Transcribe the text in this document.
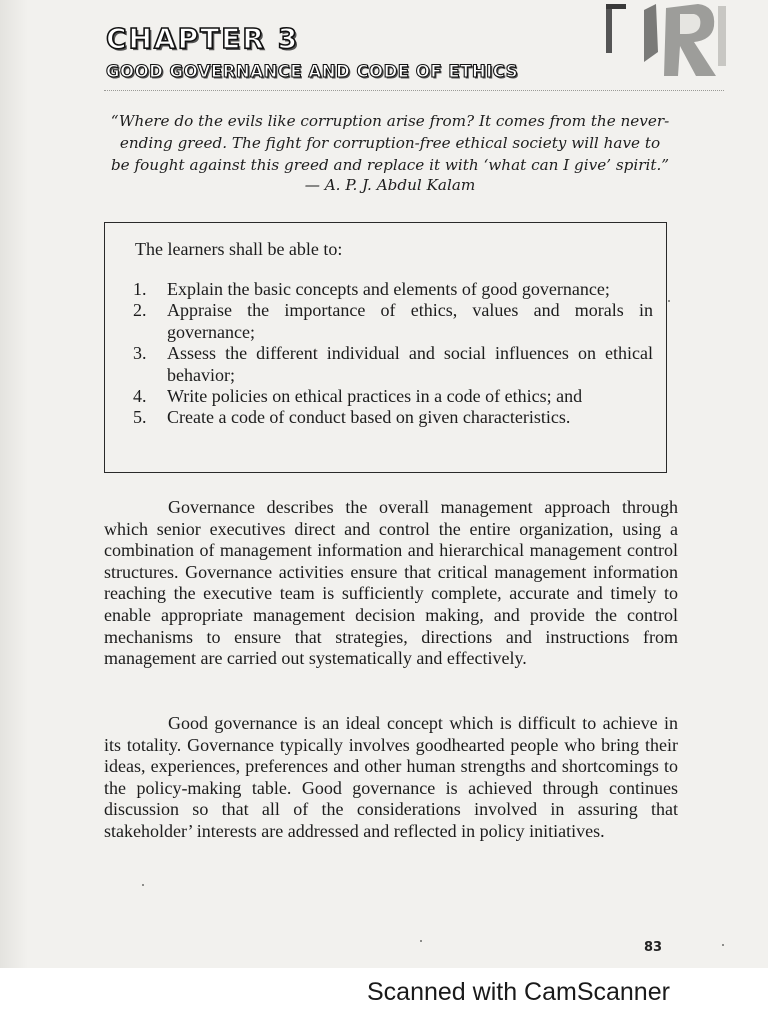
CHAPTER 3
GOOD GOVERNANCE AND CODE OF ETHICS

“Where do the evils like corruption arise from? It comes from the never-ending greed. The fight for corruption-free ethical society will have to be fought against this greed and replace it with ‘what can I give’ spirit.”

— A. P. J. Abdul Kalam

The learners shall be able to:

1.	Explain the basic concepts and elements of good governance;
2.	Appraise the importance of ethics, values and morals in governance;
3.	Assess the different individual and social influences on ethical behavior;
4.	Write policies on ethical practices in a code of ethics; and
5.	Create a code of conduct based on given characteristics.

Governance describes the overall management approach through which senior executives direct and control the entire organization, using a combination of management information and hierarchical management control structures. Governance activities ensure that critical management information reaching the executive team is sufficiently complete, accurate and timely to enable appropriate management decision making, and provide the control mechanisms to ensure that strategies, directions and instructions from management are carried out systematically and effectively.

Good governance is an ideal concept which is difficult to achieve in its totality. Governance typically involves goodhearted people who bring their ideas, experiences, preferences and other human strengths and shortcomings to the policy-making table. Good governance is achieved through continues discussion so that all of the considerations involved in assuring that stakeholder’ interests are addressed and reflected in policy initiatives.

83

Scanned with CamScanner
